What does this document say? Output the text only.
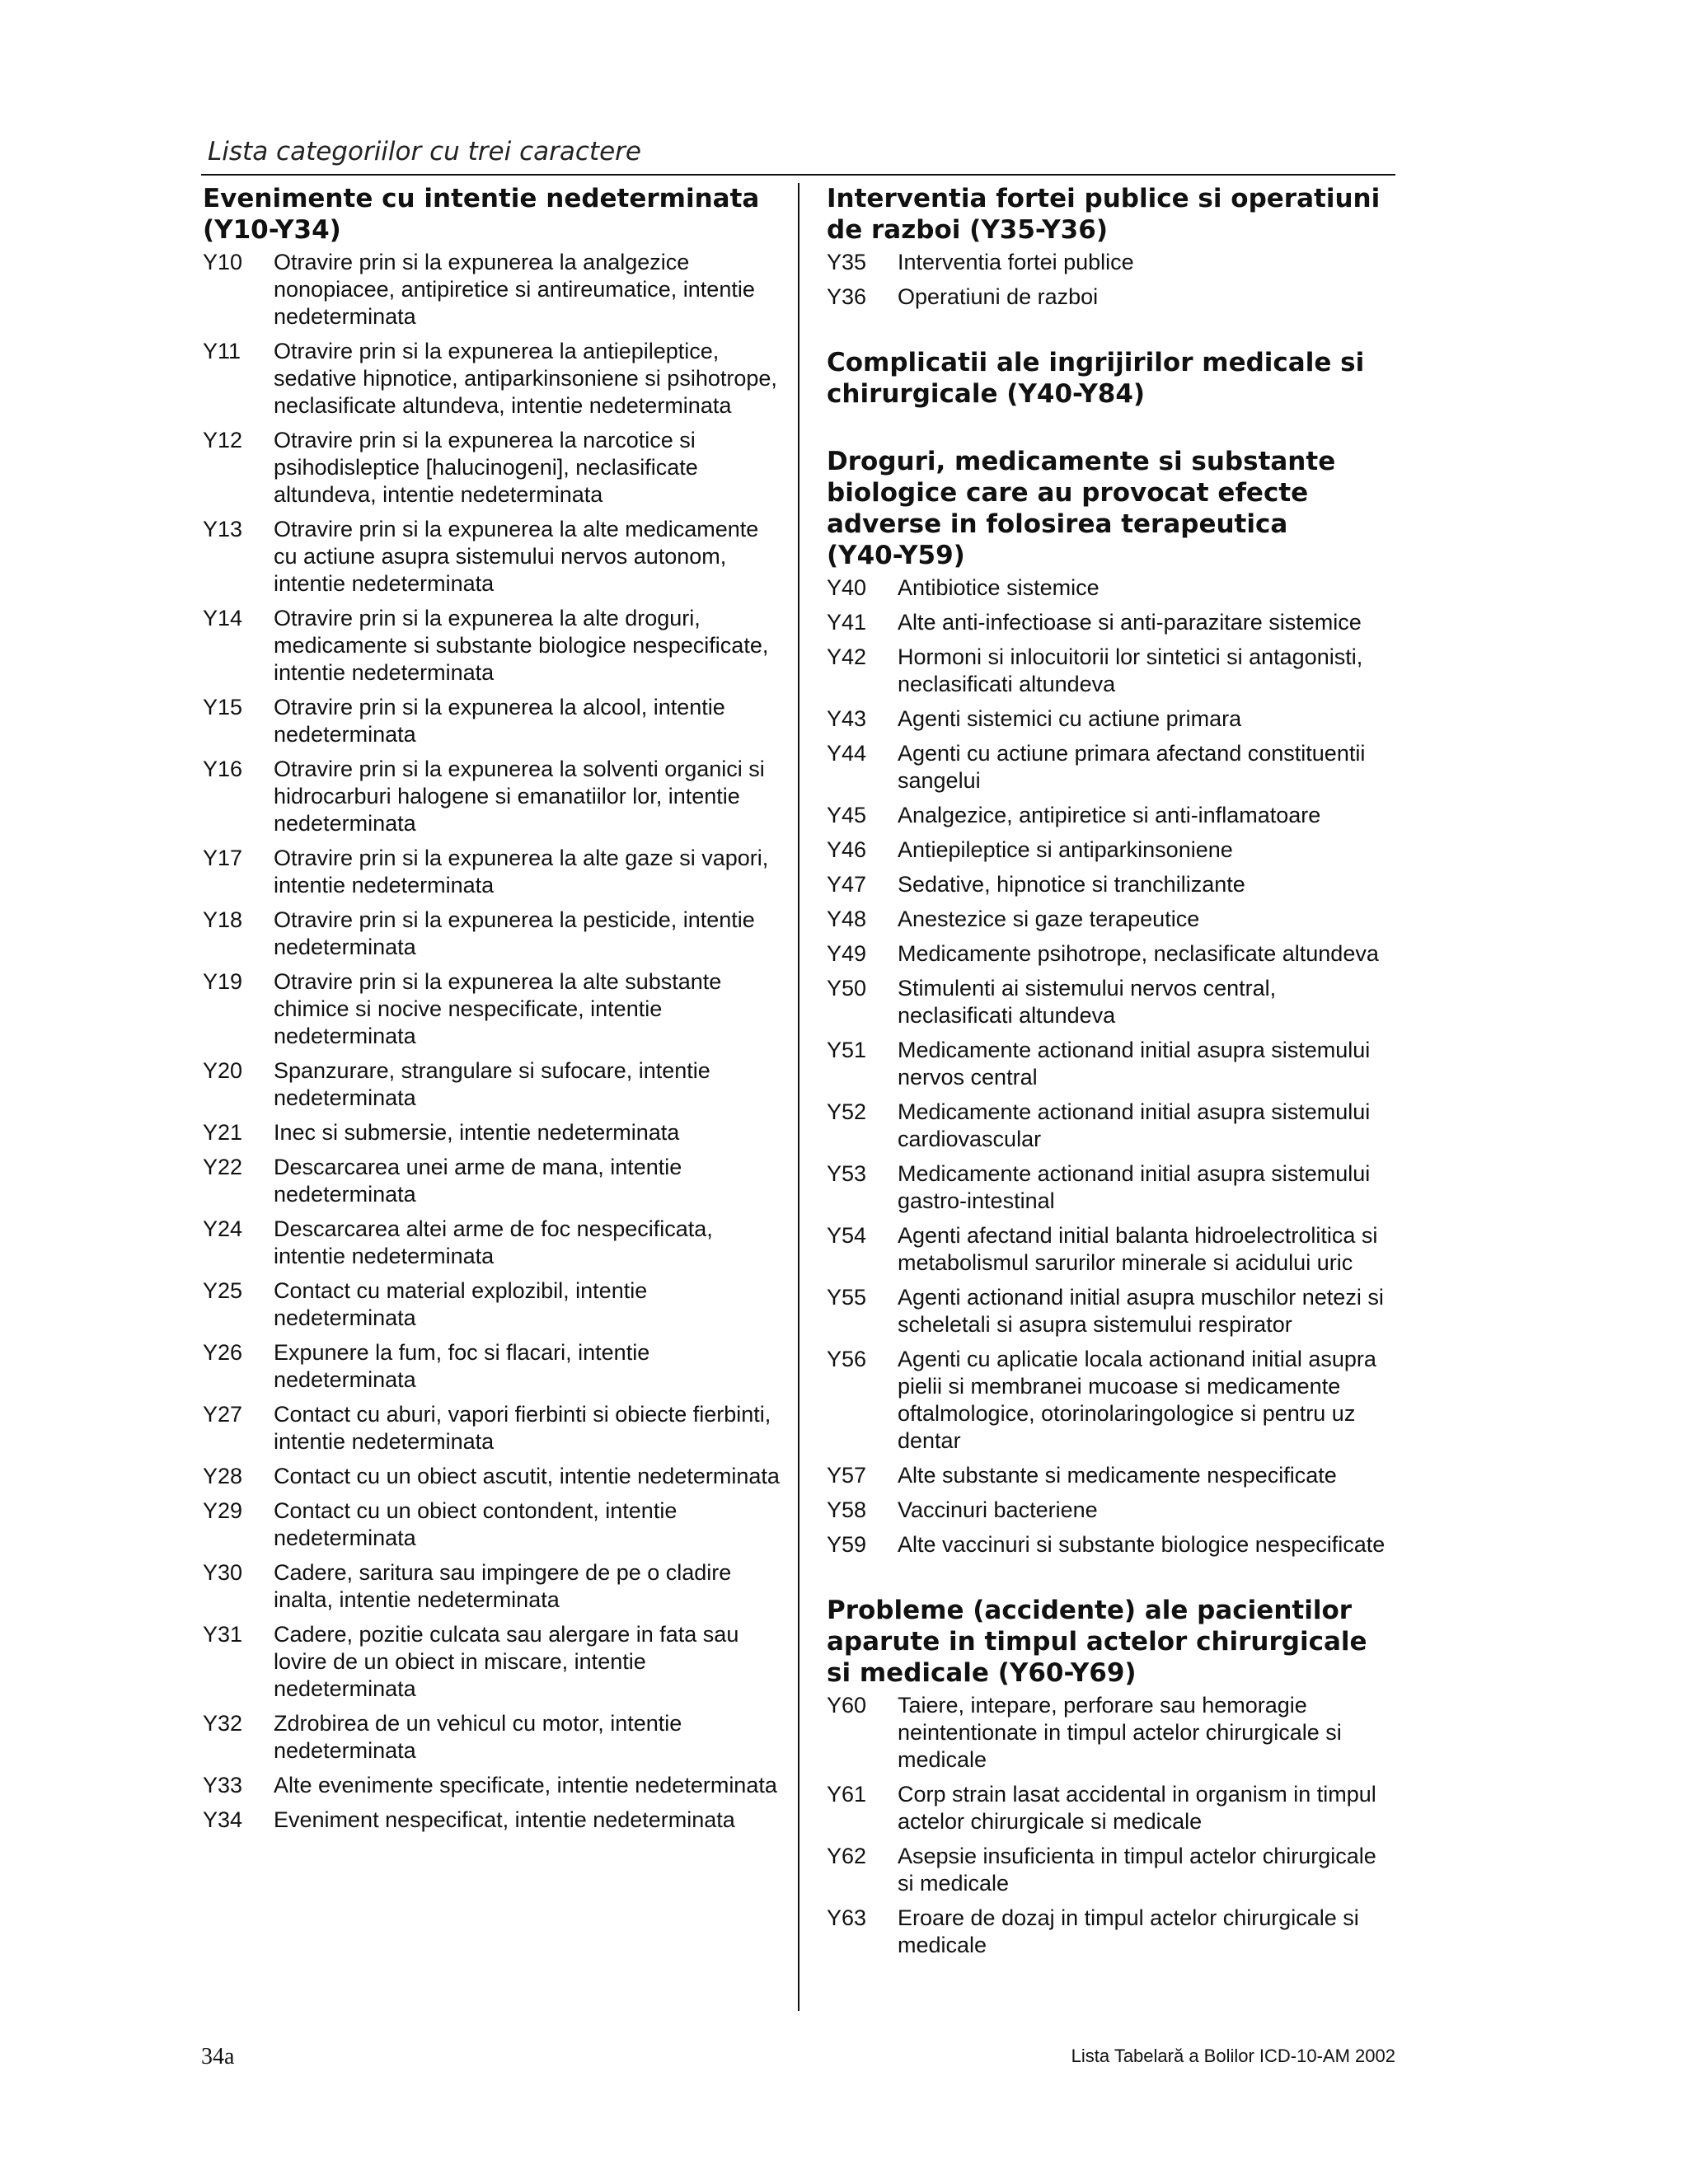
Lista categoriilor cu trei caractere
Evenimente cu intentie nedeterminata
(Y10-Y34)
Y10	Otravire prin si la expunerea la analgezice nonopiacee, antipiretice si antireumatice, intentie nedeterminata
Y11	Otravire prin si la expunerea la antiepileptice, sedative hipnotice, antiparkinsoniene si psihotrope, neclasificate altundeva, intentie nedeterminata
Y12	Otravire prin si la expunerea la narcotice si psihodisleptice [halucinogeni], neclasificate altundeva, intentie nedeterminata
Y13	Otravire prin si la expunerea la alte medicamente cu actiune asupra sistemului nervos autonom, intentie nedeterminata
Y14	Otravire prin si la expunerea la alte droguri, medicamente si substante biologice nespecificate, intentie nedeterminata
Y15	Otravire prin si la expunerea la alcool, intentie nedeterminata
Y16	Otravire prin si la expunerea la solventi organici si hidrocarburi halogene si emanatiilor lor, intentie nedeterminata
Y17	Otravire prin si la expunerea la alte gaze si vapori, intentie nedeterminata
Y18	Otravire prin si la expunerea la pesticide, intentie nedeterminata
Y19	Otravire prin si la expunerea la alte substante chimice si nocive nespecificate, intentie nedeterminata
Y20	Spanzurare, strangulare si sufocare, intentie nedeterminata
Y21	Inec si submersie, intentie nedeterminata
Y22	Descarcarea unei arme de mana, intentie nedeterminata
Y24	Descarcarea altei arme de foc nespecificata, intentie nedeterminata
Y25	Contact cu material explozibil, intentie nedeterminata
Y26	Expunere la fum, foc si flacari, intentie nedeterminata
Y27	Contact cu aburi, vapori fierbinti si obiecte fierbinti, intentie nedeterminata
Y28	Contact cu un obiect ascutit, intentie nedeterminata
Y29	Contact cu un obiect contondent, intentie nedeterminata
Y30	Cadere, saritura sau impingere de pe o cladire inalta, intentie nedeterminata
Y31	Cadere, pozitie culcata sau alergare in fata sau lovire de un obiect in miscare, intentie nedeterminata
Y32	Zdrobirea de un vehicul cu motor, intentie nedeterminata
Y33	Alte evenimente specificate, intentie nedeterminata
Y34	Eveniment nespecificat, intentie nedeterminata
Interventia fortei publice si operatiuni
de razboi (Y35-Y36)
Y35	Interventia fortei publice
Y36	Operatiuni de razboi
Complicatii ale ingrijirilor medicale si
chirurgicale (Y40-Y84)
Droguri, medicamente si substante
biologice care au provocat efecte
adverse in folosirea terapeutica
(Y40-Y59)
Y40	Antibiotice sistemice
Y41	Alte anti-infectioase si anti-parazitare sistemice
Y42	Hormoni si inlocuitorii lor sintetici si antagonisti, neclasificati altundeva
Y43	Agenti sistemici cu actiune primara
Y44	Agenti cu actiune primara afectand constituentii sangelui
Y45	Analgezice, antipiretice si anti-inflamatoare
Y46	Antiepileptice si antiparkinsoniene
Y47	Sedative, hipnotice si tranchilizante
Y48	Anestezice si gaze terapeutice
Y49	Medicamente psihotrope, neclasificate altundeva
Y50	Stimulenti ai sistemului nervos central, neclasificati altundeva
Y51	Medicamente actionand initial asupra sistemului nervos central
Y52	Medicamente actionand initial asupra sistemului cardiovascular
Y53	Medicamente actionand initial asupra sistemului gastro-intestinal
Y54	Agenti afectand initial balanta hidroelectrolitica si metabolismul sarurilor minerale si acidului uric
Y55	Agenti actionand initial asupra muschilor netezi si scheletali si asupra sistemului respirator
Y56	Agenti cu aplicatie locala actionand initial asupra pielii si membranei mucoase si medicamente oftalmologice, otorinolaringologice si pentru uz dentar
Y57	Alte substante si medicamente nespecificate
Y58	Vaccinuri bacteriene
Y59	Alte vaccinuri si substante biologice nespecificate
Probleme (accidente) ale pacientilor
aparute in timpul actelor chirurgicale
si medicale (Y60-Y69)
Y60	Taiere, intepare, perforare sau hemoragie neintentionate in timpul actelor chirurgicale si medicale
Y61	Corp strain lasat accidental in organism in timpul actelor chirurgicale si medicale
Y62	Asepsie insuficienta in timpul actelor chirurgicale si medicale
Y63	Eroare de dozaj in timpul actelor chirurgicale si medicale
34a	Lista Tabelară a Bolilor ICD-10-AM 2002
